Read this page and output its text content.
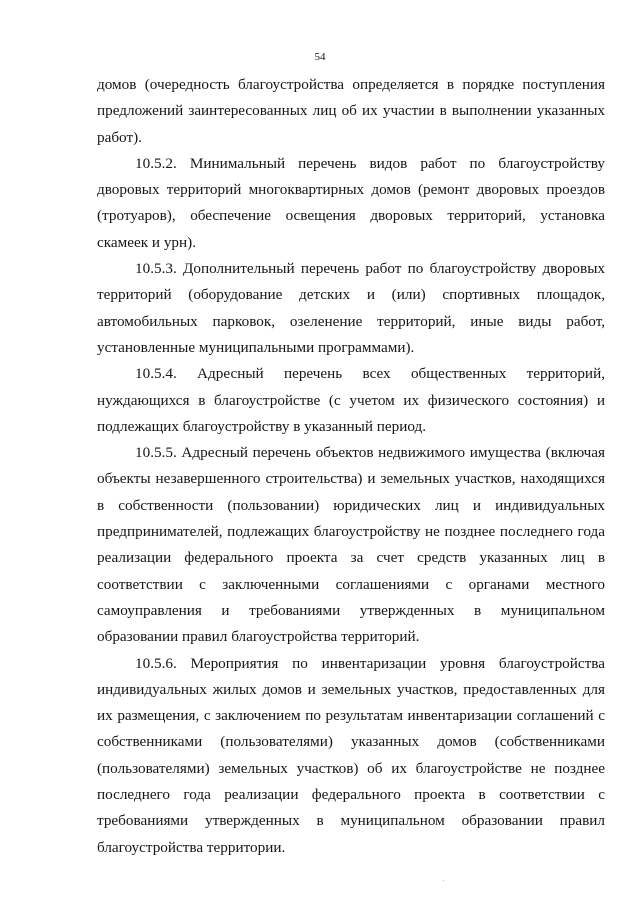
54

домов (очередность благоустройства определяется в порядке поступления предложений заинтересованных лиц об их участии в выполнении указанных работ).

10.5.2. Минимальный перечень видов работ по благоустройству дворовых территорий многоквартирных домов (ремонт дворовых проездов (тротуаров), обеспечение освещения дворовых территорий, установка скамеек и урн).

10.5.3. Дополнительный перечень работ по благоустройству дворовых территорий (оборудование детских и (или) спортивных площадок, автомобильных парковок, озеленение территорий, иные виды работ, установленные муниципальными программами).

10.5.4. Адресный перечень всех общественных территорий, нуждающихся в благоустройстве (с учетом их физического состояния) и подлежащих благоустройству в указанный период.

10.5.5. Адресный перечень объектов недвижимого имущества (включая объекты незавершенного строительства) и земельных участков, находящихся в собственности (пользовании) юридических лиц и индивидуальных предпринимателей, подлежащих благоустройству не позднее последнего года реализации федерального проекта за счет средств указанных лиц в соответствии с заключенными соглашениями с органами местного самоуправления и требованиями утвержденных в муниципальном образовании правил благоустройства территорий.

10.5.6. Мероприятия по инвентаризации уровня благоустройства индивидуальных жилых домов и земельных участков, предоставленных для их размещения, с заключением по результатам инвентаризации соглашений с собственниками (пользователями) указанных домов (собственниками (пользователями) земельных участков) об их благоустройстве не позднее последнего года реализации федерального проекта в соответствии с требованиями утвержденных в муниципальном образовании правил благоустройства территории.
